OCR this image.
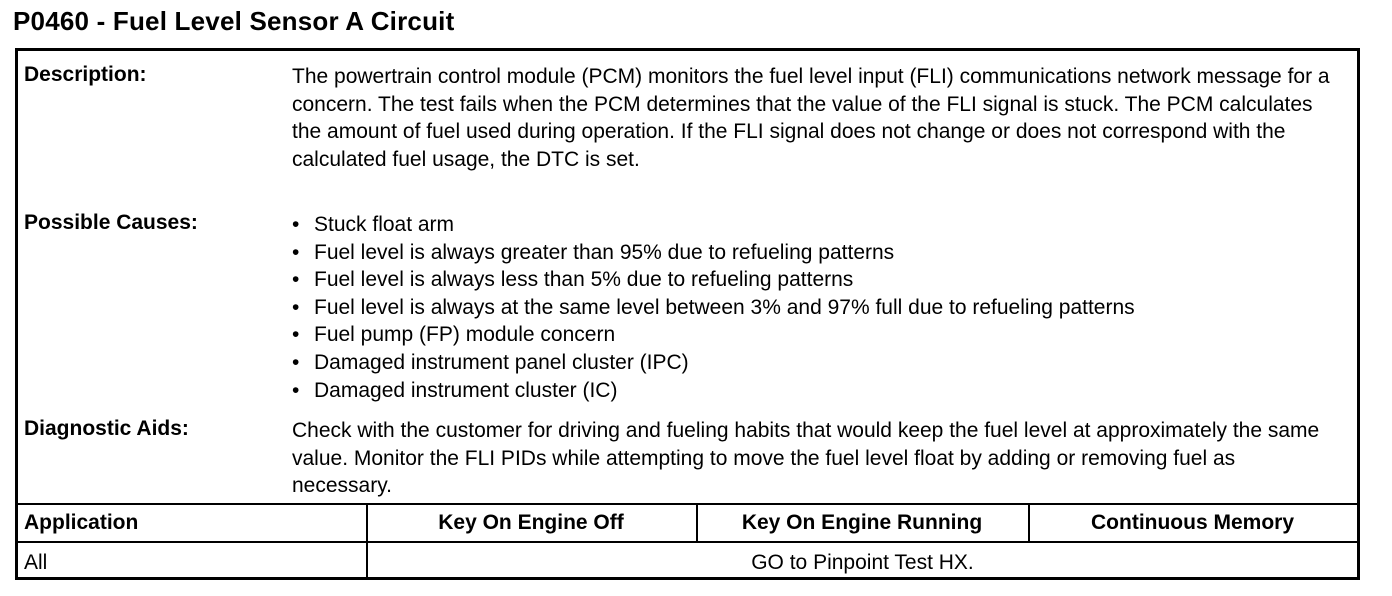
P0460 - Fuel Level Sensor A Circuit
Description:	The powertrain control module (PCM) monitors the fuel level input (FLI) communications network message for a concern. The test fails when the PCM determines that the value of the FLI signal is stuck. The PCM calculates the amount of fuel used during operation. If the FLI signal does not change or does not correspond with the calculated fuel usage, the DTC is set.
Possible Causes:
•	Stuck float arm
• Fuel level is always greater than 95% due to refueling patterns
• Fuel level is always less than 5% due to refueling patterns
• Fuel level is always at the same level between 3% and 97% full due to refueling patterns
• Fuel pump (FP) module concern
• Damaged instrument panel cluster (IPC)
• Damaged instrument cluster (IC)
Diagnostic Aids:	Check with the customer for driving and fueling habits that would keep the fuel level at approximately the same value. Monitor the FLI PIDs while attempting to move the fuel level float by adding or removing fuel as necessary.
Application	Key On Engine Off	Key On Engine Running	Continuous Memory
All	GO to Pinpoint Test HX.
